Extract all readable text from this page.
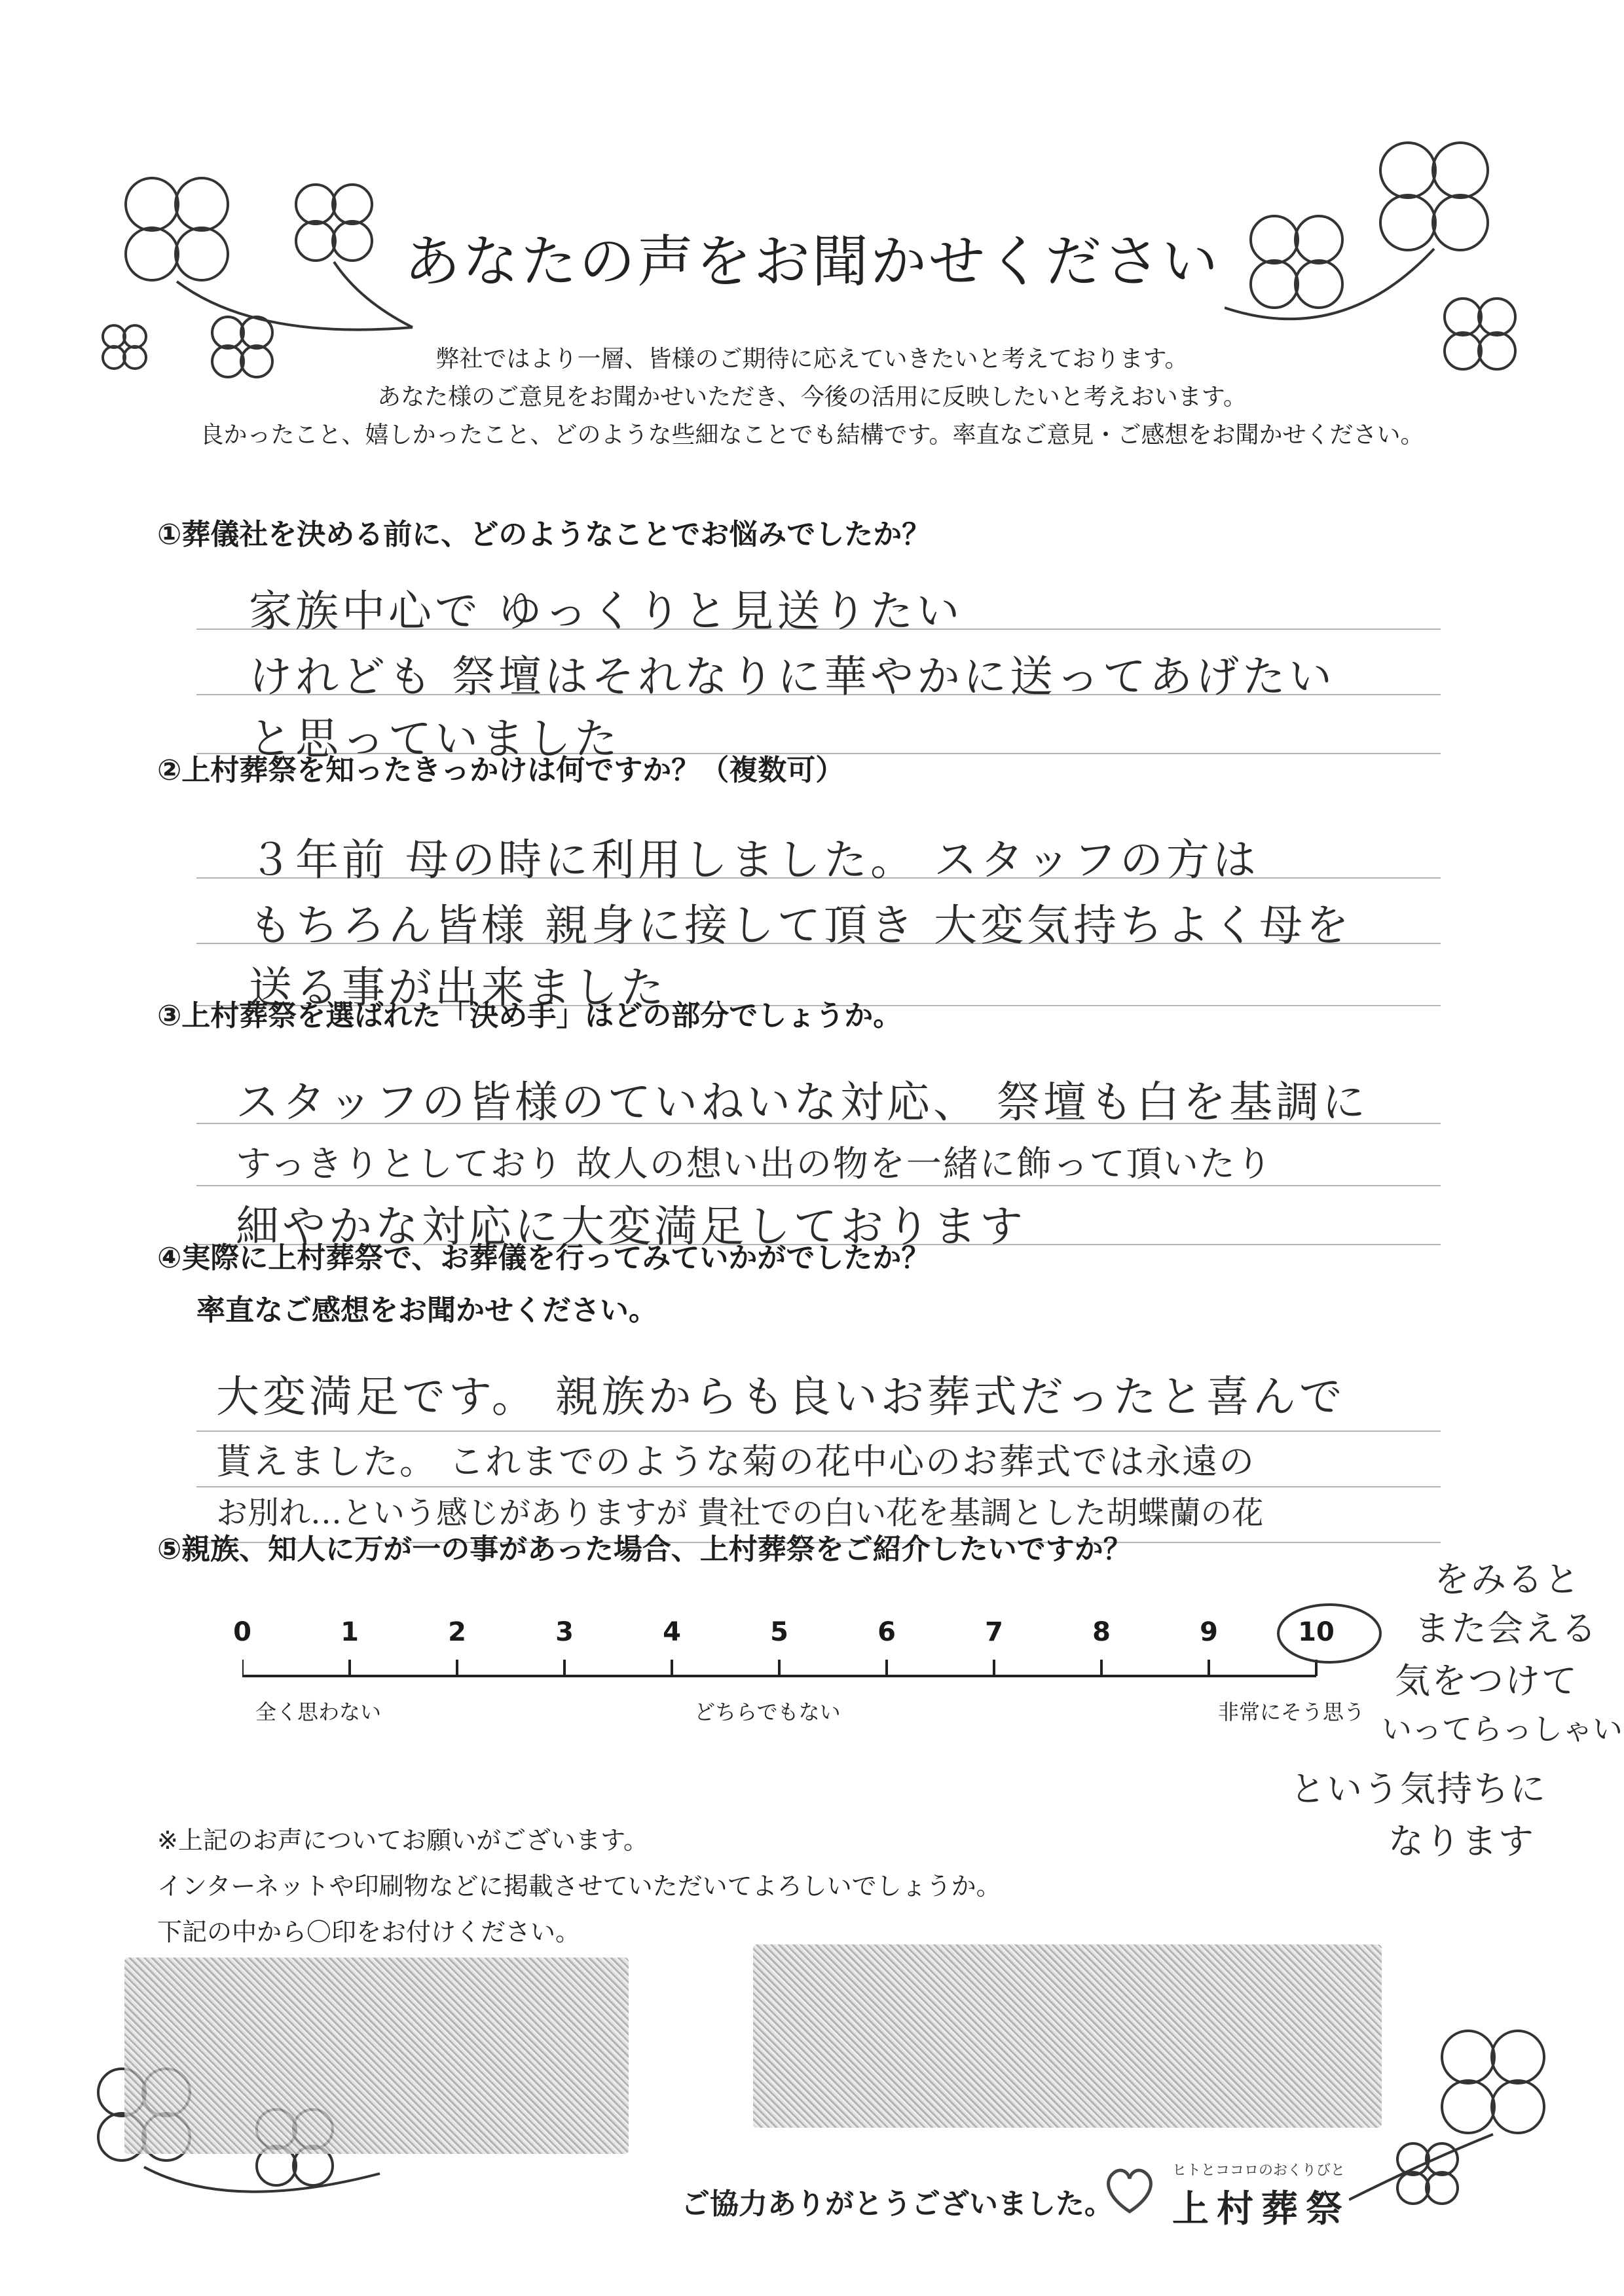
あなたの声をお聞かせください
弊社ではより一層、皆様のご期待に応えていきたいと考えております。
あなた様のご意見をお聞かせいただき、今後の活用に反映したいと考えおいます。
良かったこと、嬉しかったこと、どのような些細なことでも結構です。率直なご意見・ご感想をお聞かせください。
①葬儀社を決める前に、どのようなことでお悩みでしたか？
家族中心で ゆっくりと見送りたい
けれども 祭壇はそれなりに華やかに送ってあげたい
と思っていました
②上村葬祭を知ったきっかけは何ですか？（複数可）
３年前 母の時に利用しました。 スタッフの方は
もちろん皆様 親身に接して頂き 大変気持ちよく母を
送る事が出来ました
③上村葬祭を選ばれた「決め手」はどの部分でしょうか。
スタッフの皆様のていねいな対応、 祭壇も白を基調に
すっきりとしており 故人の想い出の物を一緒に飾って頂いたり
細やかな対応に大変満足しております
④実際に上村葬祭で、お葬儀を行ってみていかがでしたか？
率直なご感想をお聞かせください。
大変満足です。 親族からも良いお葬式だったと喜んで
貰えました。 これまでのような菊の花中心のお葬式では永遠の
お別れ…という感じがありますが 貴社での白い花を基調とした胡蝶蘭の花
をみると
また会える
気をつけて
いってらっしゃい
という気持ちに
なります
⑤親族、知人に万が一の事があった場合、上村葬祭をご紹介したいですか？
0	1	2	3	4	5	6	7	8	9	10
全く思わない	どちらでもない	非常にそう思う
※上記のお声についてお願いがございます。
インターネットや印刷物などに掲載させていただいてよろしいでしょうか。
下記の中から〇印をお付けください。
ご協力ありがとうございました。
ヒトとココロのおくりびと
上村葬祭
